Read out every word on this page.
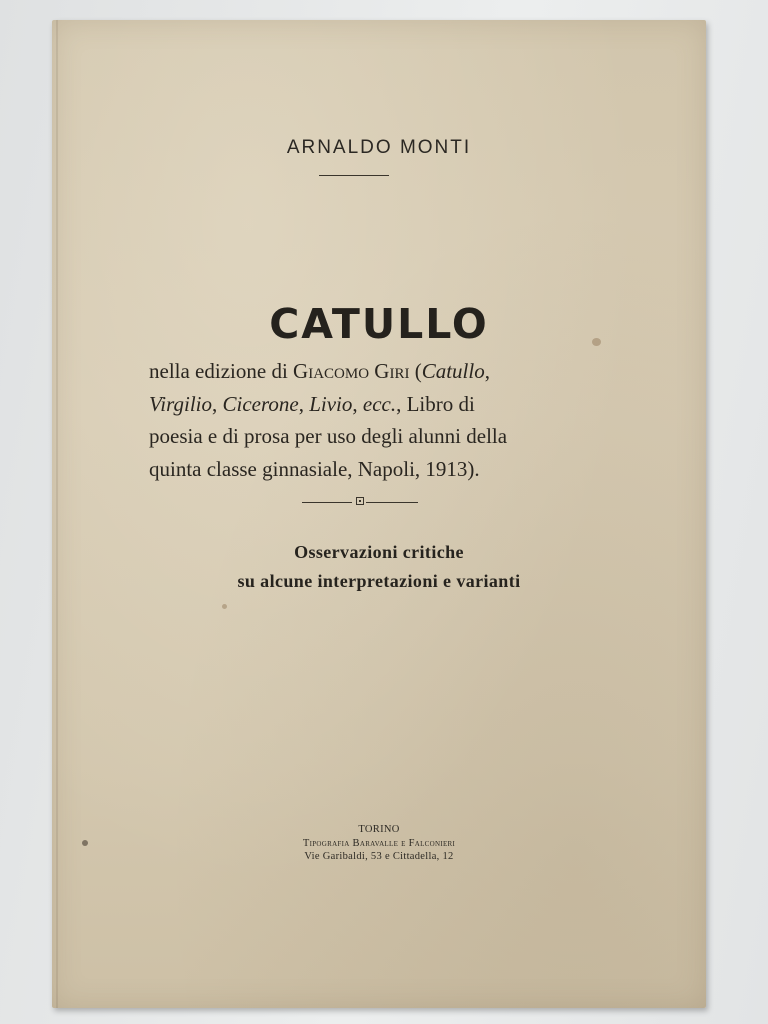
ARNALDO MONTI
CATULLO
nella edizione di Giacomo Giri (Catullo,
Virgilio, Cicerone, Livio, ecc., Libro di
poesia e di prosa per uso degli alunni della
quinta classe ginnasiale, Napoli, 1913).
Osservazioni critiche
su alcune interpretazioni e varianti
TORINO
Tipografia Baravalle e Falconieri
Vie Garibaldi, 53 e Cittadella, 12
